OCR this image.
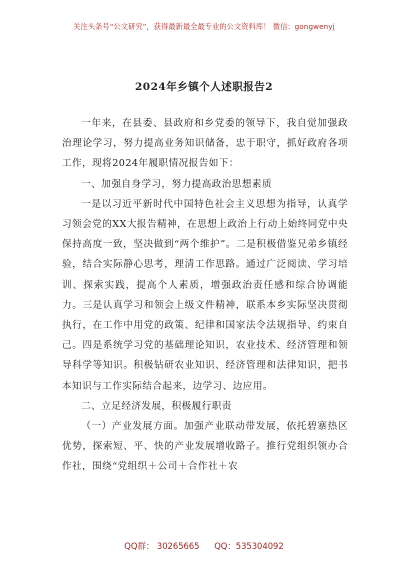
关注头条号“公文研究”，获得最新最全最专业的公文资料库！ 微信：gongwenyj
2024年乡镇个人述职报告2

一年来，在县委、县政府和乡党委的领导下，我自觉加强政治理论学习，努力提高业务知识储备，忠于职守，抓好政府各项工作，现将2024年履职情况报告如下：

一、加强自身学习，努力提高政治思想素质

一是以习近平新时代中国特色社会主义思想为指导，认真学习领会党的XX大报告精神，在思想上政治上行动上始终同党中央保持高度一致，坚决做到“两个维护”。二是积极借鉴兄弟乡镇经验，结合实际静心思考，理清工作思路。通过广泛阅读、学习培训、探索实践，提高个人素质，增强政治责任感和综合协调能力。三是认真学习和领会上级文件精神，联系本乡实际坚决贯彻执行，在工作中用党的政策、纪律和国家法令法规指导、约束自己。四是系统学习党的基础理论知识，农业技术、经济管理和领导科学等知识。积极钻研农业知识、经济管理和法律知识，把书本知识与工作实际结合起来，边学习、边应用。

二、立足经济发展，积极履行职责

（一）产业发展方面。加强产业联动带发展，依托碧寨热区优势，探索短、平、快的产业发展增收路子。推行党组织领办合作社，围绕“党组织＋公司＋合作社＋农

QQ群： 30265665 QQ：535304092
